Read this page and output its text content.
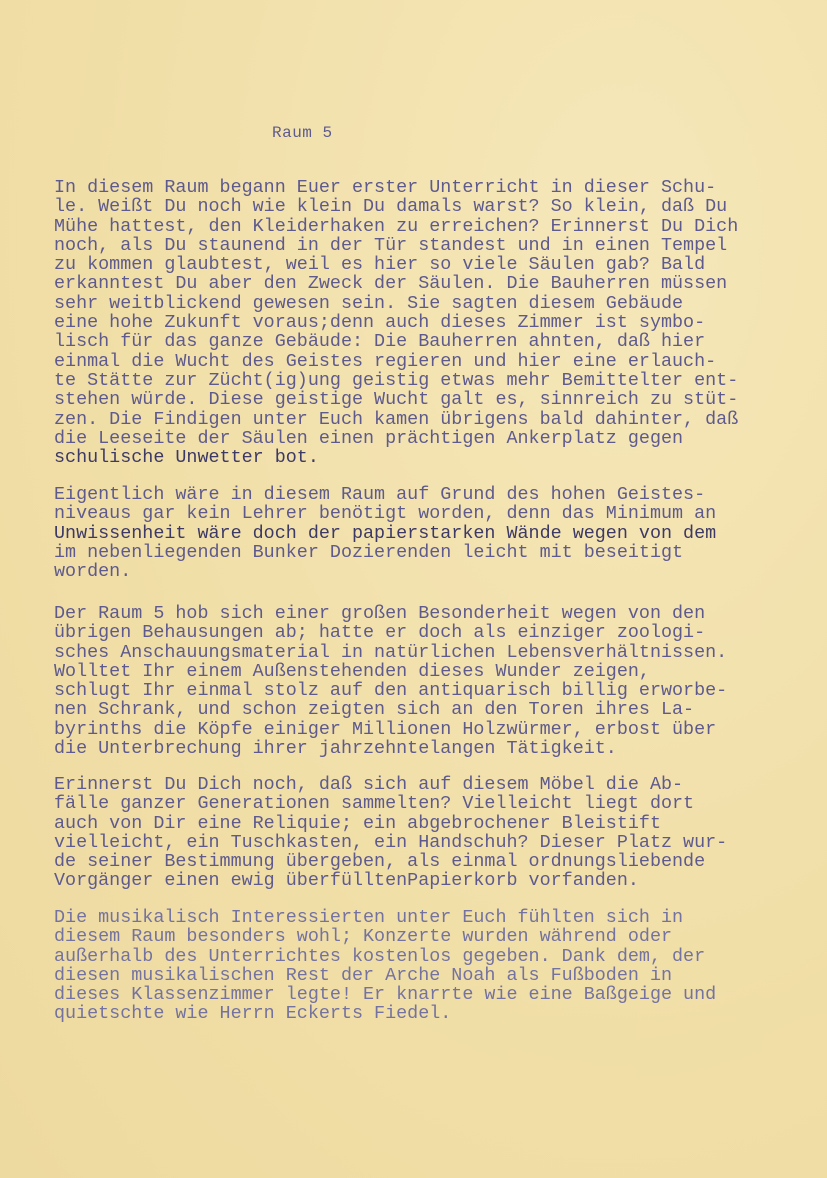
Raum 5
In diesem Raum begann Euer erster Unterricht in dieser Schu-
le. Weißt Du noch wie klein Du damals warst? So klein, daß Du
Mühe hattest, den Kleiderhaken zu erreichen? Erinnerst Du Dich
noch, als Du staunend in der Tür standest und in einen Tempel
zu kommen glaubtest, weil es hier so viele Säulen gab? Bald
erkanntest Du aber den Zweck der Säulen. Die Bauherren müssen
sehr weitblickend gewesen sein. Sie sagten diesem Gebäude
eine hohe Zukunft voraus;denn auch dieses Zimmer ist symbo-
lisch für das ganze Gebäude: Die Bauherren ahnten, daß hier
einmal die Wucht des Geistes regieren und hier eine erlauch-
te Stätte zur Zücht(ig)ung geistig etwas mehr Bemittelter ent-
stehen würde. Diese geistige Wucht galt es, sinnreich zu stüt-
zen. Die Findigen unter Euch kamen übrigens bald dahinter, daß
die Leeseite der Säulen einen prächtigen Ankerplatz gegen
schulische Unwetter bot.
Eigentlich wäre in diesem Raum auf Grund des hohen Geistes-
niveaus gar kein Lehrer benötigt worden, denn das Minimum an
Unwissenheit wäre doch der papierstarken Wände wegen von dem
im nebenliegenden Bunker Dozierenden leicht mit beseitigt
worden.
Der Raum 5 hob sich einer großen Besonderheit wegen von den
übrigen Behausungen ab; hatte er doch als einziger zoologi-
sches Anschauungsmaterial in natürlichen Lebensverhältnissen.
Wolltet Ihr einem Außenstehenden dieses Wunder zeigen,
schlugt Ihr einmal stolz auf den antiquarisch billig erworbe-
nen Schrank, und schon zeigten sich an den Toren ihres La-
byrinths die Köpfe einiger Millionen Holzwürmer, erbost über
die Unterbrechung ihrer jahrzehntelangen Tätigkeit.
Erinnerst Du Dich noch, daß sich auf diesem Möbel die Ab-
fälle ganzer Generationen sammelten? Vielleicht liegt dort
auch von Dir eine Reliquie; ein abgebrochener Bleistift
vielleicht, ein Tuschkasten, ein Handschuh? Dieser Platz wur-
de seiner Bestimmung übergeben, als einmal ordnungsliebende
Vorgänger einen ewig überfülltenPapierkorb vorfanden.
Die musikalisch Interessierten unter Euch fühlten sich in
diesem Raum besonders wohl; Konzerte wurden während oder
außerhalb des Unterrichtes kostenlos gegeben. Dank dem, der
diesen musikalischen Rest der Arche Noah als Fußboden in
dieses Klassenzimmer legte! Er knarrte wie eine Baßgeige und
quietschte wie Herrn Eckerts Fiedel.
